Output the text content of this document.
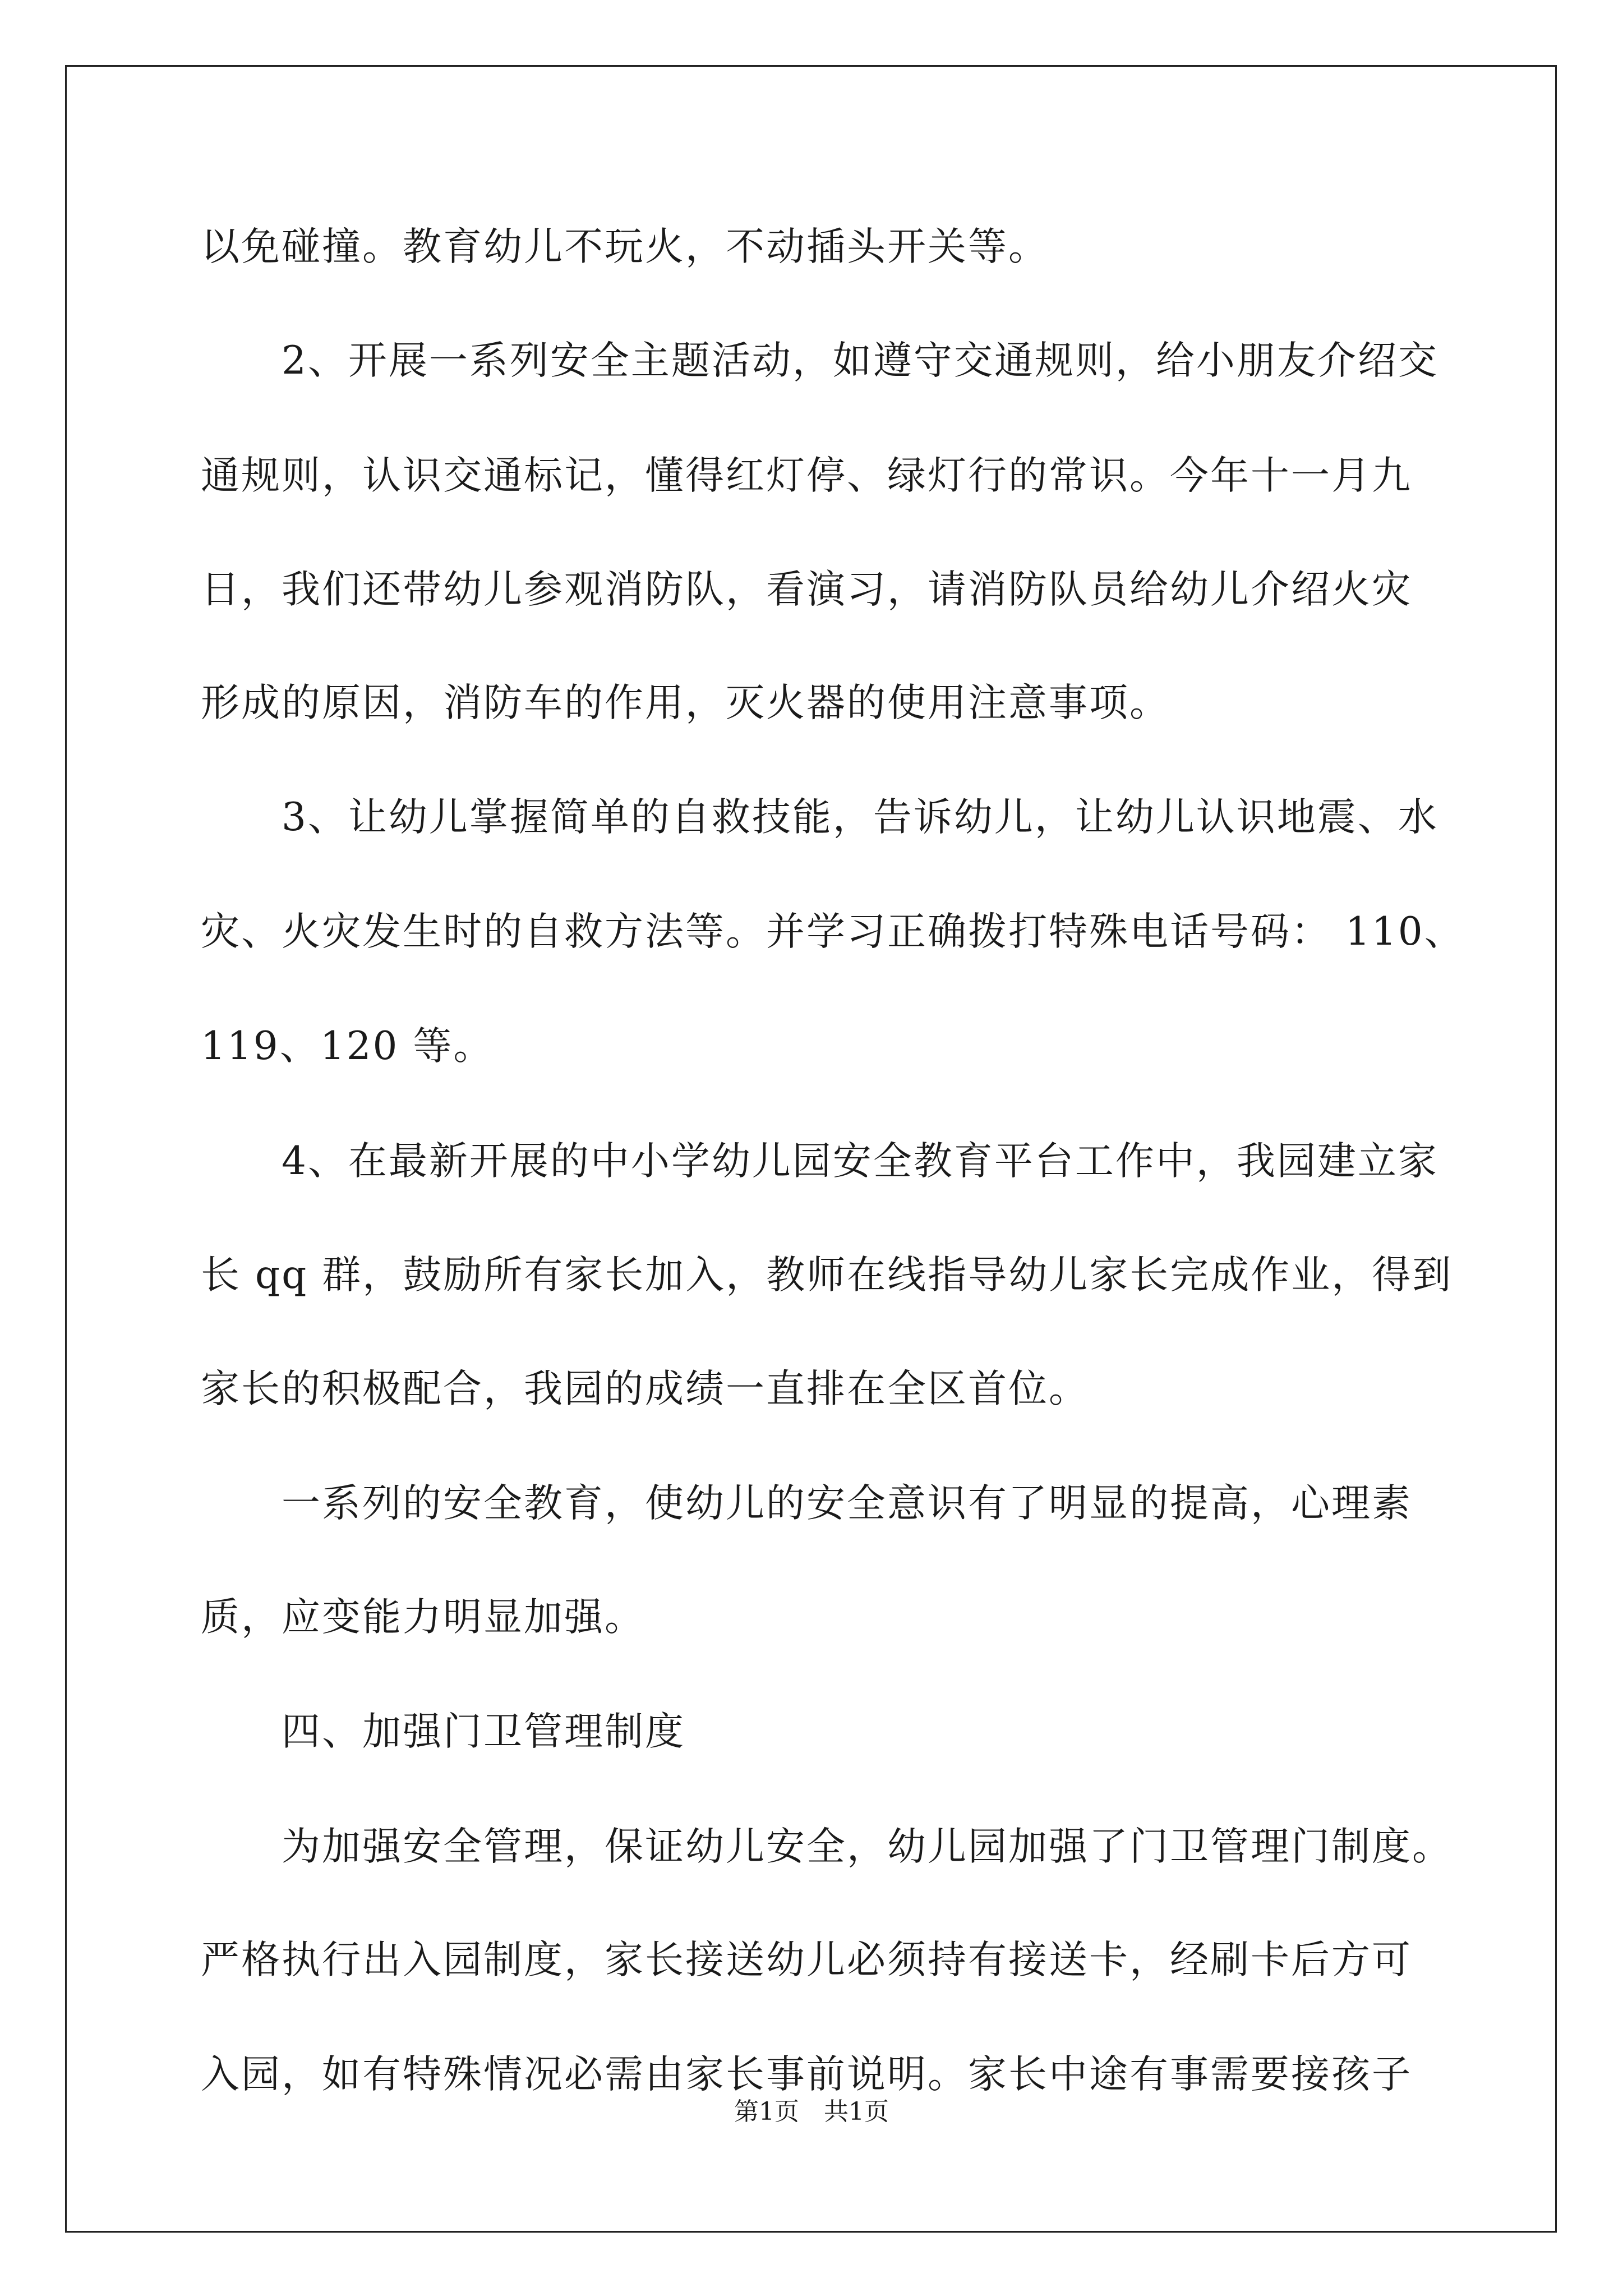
以免碰撞。教育幼儿不玩火，不动插头开关等。
　　2、开展一系列安全主题活动，如遵守交通规则，给小朋友介绍交
通规则，认识交通标记，懂得红灯停、绿灯行的常识。今年十一月九
日，我们还带幼儿参观消防队，看演习，请消防队员给幼儿介绍火灾
形成的原因，消防车的作用，灭火器的使用注意事项。
　　3、让幼儿掌握简单的自救技能，告诉幼儿，让幼儿认识地震、水
灾、火灾发生时的自救方法等。并学习正确拨打特殊电话号码： 110、
119、120 等。
　　4、在最新开展的中小学幼儿园安全教育平台工作中，我园建立家
长 qq 群，鼓励所有家长加入，教师在线指导幼儿家长完成作业，得到
家长的积极配合，我园的成绩一直排在全区首位。
　　一系列的安全教育，使幼儿的安全意识有了明显的提高，心理素
质，应变能力明显加强。
　　四、加强门卫管理制度
　　为加强安全管理，保证幼儿安全，幼儿园加强了门卫管理门制度。
严格执行出入园制度，家长接送幼儿必须持有接送卡，经刷卡后方可
入园，如有特殊情况必需由家长事前说明。家长中途有事需要接孩子
第1页　共1页
